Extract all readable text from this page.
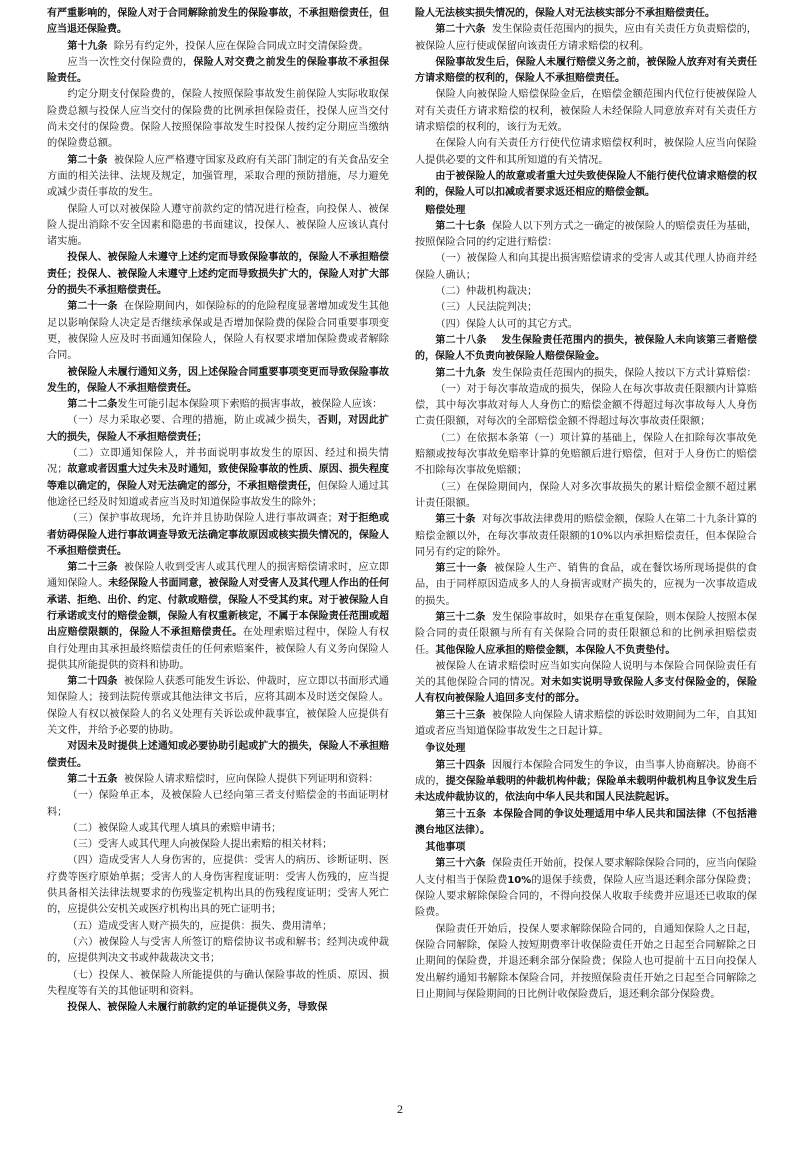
有严重影响的，保险人对于合同解除前发生的保险事故，不承担赔偿责任，但应当退还保险费。

第十九条  除另有约定外，投保人应在保险合同成立时交清保险费。

应当一次性交付保险费的，保险人对交费之前发生的保险事故不承担保险责任。

约定分期支付保险费的，保险人按照保险事故发生前保险人实际收取保险费总额与投保人应当交付的保险费的比例承担保险责任，投保人应当交付尚未交付的保险费。保险人按照保险事故发生时投保人按约定分期应当缴纳的保险费总额。

第二十条  被保险人应严格遵守国家及政府有关部门制定的有关食品安全方面的相关法律、法规及规定，加强管理，采取合理的预防措施，尽力避免或减少责任事故的发生。

保险人可以对被保险人遵守前款约定的情况进行检查，向投保人、被保险人提出消除不安全因素和隐患的书面建议，投保人、被保险人应该认真付诸实施。

投保人、被保险人未遵守上述约定而导致保险事故的，保险人不承担赔偿责任；投保人、被保险人未遵守上述约定而导致损失扩大的，保险人对扩大部分的损失不承担赔偿责任。

第二十一条  在保险期间内，如保险标的的危险程度显著增加或发生其他足以影响保险人决定是否继续承保或是否增加保险费的保险合同重要事项变更，被保险人应及时书面通知保险人，保险人有权要求增加保险费或者解除合同。

被保险人未履行通知义务，因上述保险合同重要事项变更而导致保险事故发生的，保险人不承担赔偿责任。

第二十二条发生可能引起本保险项下索赔的损害事故，被保险人应该：

（一）尽力采取必要、合理的措施，防止或减少损失，否则，对因此扩大的损失，保险人不承担赔偿责任；

（二）立即通知保险人，并书面说明事故发生的原因、经过和损失情况；故意或者因重大过失未及时通知，致使保险事故的性质、原因、损失程度等难以确定的，保险人对无法确定的部分，不承担赔偿责任，但保险人通过其他途径已经及时知道或者应当及时知道保险事故发生的除外；

（三）保护事故现场，允许并且协助保险人进行事故调查；对于拒绝或者妨碍保险人进行事故调查导致无法确定事故原因或核实损失情况的，保险人不承担赔偿责任。

第二十三条  被保险人收到受害人或其代理人的损害赔偿请求时，应立即通知保险人。未经保险人书面同意，被保险人对受害人及其代理人作出的任何承诺、拒绝、出价、约定、付款或赔偿，保险人不受其约束。对于被保险人自行承诺或支付的赔偿金额，保险人有权重新核定，不属于本保险责任范围或超出应赔偿限额的，保险人不承担赔偿责任。在处理索赔过程中，保险人有权自行处理由其承担最终赔偿责任的任何索赔案件，被保险人有义务向保险人提供其所能提供的资料和协助。

第二十四条  被保险人获悉可能发生诉讼、仲裁时，应立即以书面形式通知保险人；接到法院传票或其他法律文书后，应将其副本及时送交保险人。保险人有权以被保险人的名义处理有关诉讼或仲裁事宜，被保险人应提供有关文件，并给予必要的协助。

对因未及时提供上述通知或必要协助引起或扩大的损失，保险人不承担赔偿责任。

第二十五条  被保险人请求赔偿时，应向保险人提供下列证明和资料：

（一）保险单正本，及被保险人已经向第三者支付赔偿金的书面证明材料；

（二）被保险人或其代理人填具的索赔申请书；

（三）受害人或其代理人向被保险人提出索赔的相关材料；

（四）造成受害人人身伤害的，应提供：受害人的病历、诊断证明、医疗费等医疗原始单据；受害人的人身伤害程度证明：受害人伤残的，应当提供具备相关法律法规要求的伤残鉴定机构出具的伤残程度证明；受害人死亡的，应提供公安机关或医疗机构出具的死亡证明书；

（五）造成受害人财产损失的，应提供：损失、费用清单；

（六）被保险人与受害人所签订的赔偿协议书或和解书；经判决或仲裁的，应提供判决文书或仲裁裁决文书；

（七）投保人、被保险人所能提供的与确认保险事故的性质、原因、损失程度等有关的其他证明和资料。

投保人、被保险人未履行前款约定的单证提供义务，导致保

险人无法核实损失情况的，保险人对无法核实部分不承担赔偿责任。

第二十六条  发生保险责任范围内的损失，应由有关责任方负责赔偿的，被保险人应行使或保留向该责任方请求赔偿的权利。

保险事故发生后，保险人未履行赔偿义务之前，被保险人放弃对有关责任方请求赔偿的权利的，保险人不承担赔偿责任。

保险人向被保险人赔偿保险金后，在赔偿金额范围内代位行使被保险人对有关责任方请求赔偿的权利，被保险人未经保险人同意放弃对有关责任方请求赔偿的权利的，该行为无效。

在保险人向有关责任方行使代位请求赔偿权利时，被保险人应当向保险人提供必要的文件和其所知道的有关情况。

由于被保险人的故意或者重大过失致使保险人不能行使代位请求赔偿的权利的，保险人可以扣减或者要求返还相应的赔偿金额。

赔偿处理

第二十七条  保险人以下列方式之一确定的被保险人的赔偿责任为基础，按照保险合同的约定进行赔偿：

（一）被保险人和向其提出损害赔偿请求的受害人或其代理人协商并经保险人确认；

（二）仲裁机构裁决；

（三）人民法院判决；

（四）保险人认可的其它方式。

第二十八条    发生保险责任范围内的损失，被保险人未向该第三者赔偿的，保险人不负责向被保险人赔偿保险金。

第二十九条  发生保险责任范围内的损失，保险人按以下方式计算赔偿：

（一）对于每次事故造成的损失，保险人在每次事故责任限额内计算赔偿，其中每次事故对每人人身伤亡的赔偿金额不得超过每次事故每人人身伤亡责任限额，对每次的全部赔偿金额不得超过每次事故责任限额；

（二）在依据本条第（一）项计算的基础上，保险人在扣除每次事故免赔额或按每次事故免赔率计算的免赔额后进行赔偿，但对于人身伤亡的赔偿不扣除每次事故免赔额；

（三）在保险期间内，保险人对多次事故损失的累计赔偿金额不超过累计责任限额。

第三十条  对每次事故法律费用的赔偿金额，保险人在第二十九条计算的赔偿金额以外，在每次事故责任限额的10%以内承担赔偿责任，但本保险合同另有约定的除外。

第三十一条  被保险人生产、销售的食品，或在餐饮场所现场提供的食品，由于同样原因造成多人的人身损害或财产损失的，应视为一次事故造成的损失。

第三十二条  发生保险事故时，如果存在重复保险，则本保险人按照本保险合同的责任限额与所有有关保险合同的责任限额总和的比例承担赔偿责任。其他保险人应承担的赔偿金额，本保险人不负责垫付。

被保险人在请求赔偿时应当如实向保险人说明与本保险合同保险责任有关的其他保险合同的情况。对未如实说明导致保险人多支付保险金的，保险人有权向被保险人追回多支付的部分。

第三十三条  被保险人向保险人请求赔偿的诉讼时效期间为二年，自其知道或者应当知道保险事故发生之日起计算。

争议处理

第三十四条  因履行本保险合同发生的争议，由当事人协商解决。协商不成的，提交保险单载明的仲裁机构仲裁；保险单未载明仲裁机构且争议发生后未达成仲裁协议的，依法向中华人民共和国人民法院起诉。

第三十五条 本保险合同的争议处理适用中华人民共和国法律（不包括港澳台地区法律）。

其他事项

第三十六条  保险责任开始前，投保人要求解除保险合同的，应当向保险人支付相当于保险费10%的退保手续费，保险人应当退还剩余部分保险费；保险人要求解除保险合同的，不得向投保人收取手续费并应退还已收取的保险费。

保险责任开始后，投保人要求解除保险合同的，自通知保险人之日起，保险合同解除，保险人按短期费率计收保险责任开始之日起至合同解除之日止期间的保险费，并退还剩余部分保险费；保险人也可提前十五日向投保人发出解约通知书解除本保险合同，并按照保险责任开始之日起至合同解除之日止期间与保险期间的日比例计收保险费后，退还剩余部分保险费。

2
